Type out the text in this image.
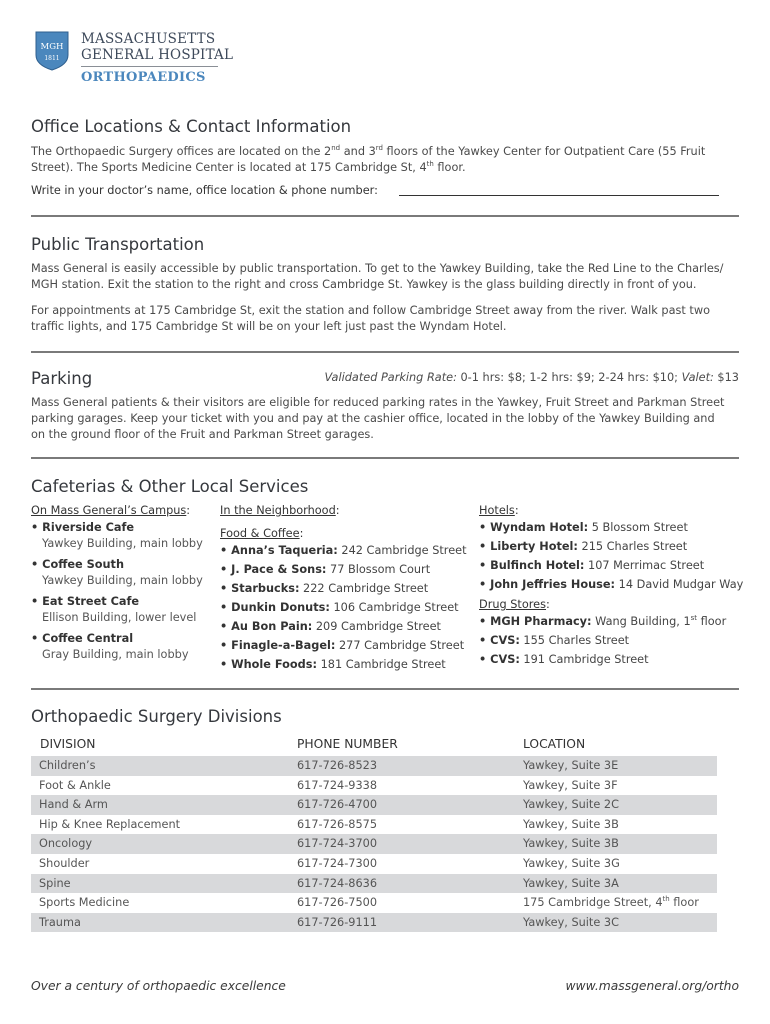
MGH
1811
MASSACHUSETTS
GENERAL HOSPITAL
ORTHOPAEDICS
Office Locations & Contact Information
The Orthopaedic Surgery offices are located on the 2nd and 3rd floors of the Yawkey Center for Outpatient Care (55 Fruit
Street). The Sports Medicine Center is located at 175 Cambridge St, 4th floor.
Write in your doctor’s name, office location & phone number:
Public Transportation
Mass General is easily accessible by public transportation. To get to the Yawkey Building, take the Red Line to the Charles/
MGH station. Exit the station to the right and cross Cambridge St. Yawkey is the glass building directly in front of you.
For appointments at 175 Cambridge St, exit the station and follow Cambridge Street away from the river. Walk past two
traffic lights, and 175 Cambridge St will be on your left just past the Wyndam Hotel.
Parking	Validated Parking Rate: 0-1 hrs: $8; 1-2 hrs: $9; 2-24 hrs: $10; Valet: $13
Mass General patients & their visitors are eligible for reduced parking rates in the Yawkey, Fruit Street and Parkman Street
parking garages. Keep your ticket with you and pay at the cashier office, located in the lobby of the Yawkey Building and
on the ground floor of the Fruit and Parkman Street garages.
Cafeterias & Other Local Services
On Mass General’s Campus:
• Riverside Cafe
Yawkey Building, main lobby
• Coffee South
Yawkey Building, main lobby
• Eat Street Cafe
Ellison Building, lower level
• Coffee Central
Gray Building, main lobby
In the Neighborhood:
Food & Coffee:
• Anna’s Taqueria: 242 Cambridge Street
• J. Pace & Sons: 77 Blossom Court
• Starbucks: 222 Cambridge Street
• Dunkin Donuts: 106 Cambridge Street
• Au Bon Pain: 209 Cambridge Street
• Finagle-a-Bagel: 277 Cambridge Street
• Whole Foods: 181 Cambridge Street
Hotels:
• Wyndam Hotel: 5 Blossom Street
• Liberty Hotel: 215 Charles Street
• Bulfinch Hotel: 107 Merrimac Street
• John Jeffries House: 14 David Mudgar Way
Drug Stores:
• MGH Pharmacy: Wang Building, 1st floor
• CVS: 155 Charles Street
• CVS: 191 Cambridge Street
Orthopaedic Surgery Divisions
DIVISION	PHONE NUMBER	LOCATION
Children’s	617-726-8523	Yawkey, Suite 3E
Foot & Ankle	617-724-9338	Yawkey, Suite 3F
Hand & Arm	617-726-4700	Yawkey, Suite 2C
Hip & Knee Replacement	617-726-8575	Yawkey, Suite 3B
Oncology	617-724-3700	Yawkey, Suite 3B
Shoulder	617-724-7300	Yawkey, Suite 3G
Spine	617-724-8636	Yawkey, Suite 3A
Sports Medicine	617-726-7500	175 Cambridge Street, 4th floor
Trauma	617-726-9111	Yawkey, Suite 3C
Over a century of orthopaedic excellence	www.massgeneral.org/ortho
